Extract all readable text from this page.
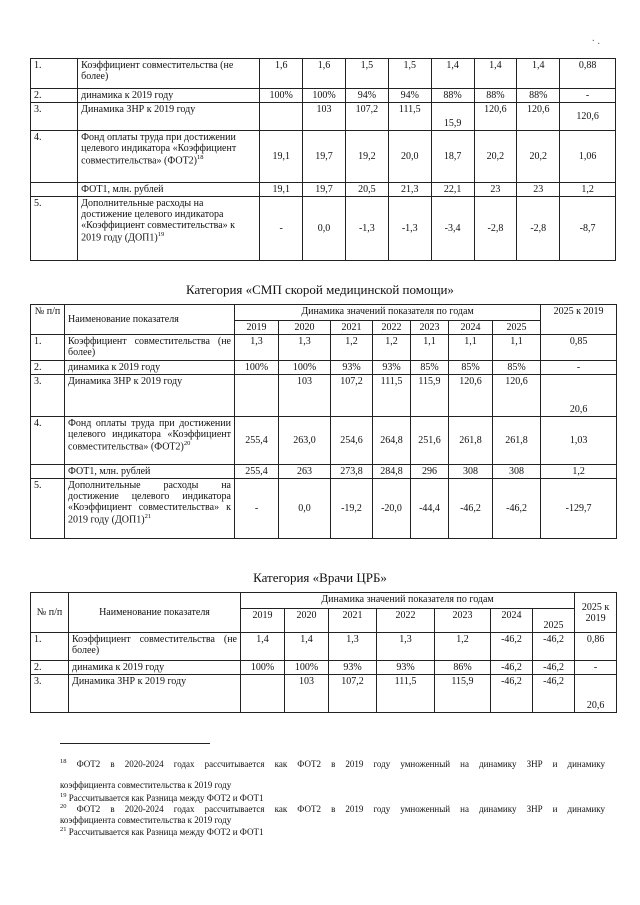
· .
1.	Коэффициент совместительства (не более)	1,6	1,6	1,5	1,5	1,4	1,4	1,4	0,88
2.	динамика к 2019 году	100%	100%	94%	94%	88%	88%	88%	-
3.	Динамика ЗНР к 2019 году		103	107,2	111,5	15,9	120,6	120,6	120,6
4.	Фонд оплаты труда при достижении целевого индикатора «Коэффициент совместительства» $(ФОТ2)^{18}$	19,1	19,7	19,2	20,0	18,7	20,2	20,2	1,06
	ФОТ1, млн. рублей	19,1	19,7	20,5	21,3	22,1	23	23	1,2
5.	Дополнительные расходы на достижение целевого индикатора «Коэффициент совместительства» к 2019 году $(ДОП1)^{19}$	-	0,0	-1,3	-1,3	-3,4	-2,8	-2,8	-8,7
Категория «СМП скорой медицинской помощи»
№ п/п	Наименование показателя	Динамика значений показателя по годам							2025 к 2019
		2019	2020	2021	2022	2023	2024	2025	
1.	Коэффициент совместительства (не более)	1,3	1,3	1,2	1,2	1,1	1,1	1,1	0,85
2.	динамика к 2019 году	100%	100%	93%	93%	85%	85%	85%	-
3.	Динамика ЗНР к 2019 году		103	107,2	111,5	115,9	120,6	120,6	20,6
4.	Фонд оплаты труда при достижении целевого индикатора «Коэффициент совместительства» $(ФОТ2)^{20}$	255,4	263,0	254,6	264,8	251,6	261,8	261,8	1,03
	ФОТ1, млн. рублей	255,4	263	273,8	284,8	296	308	308	1,2
5.	Дополнительные расходы на достижение целевого индикатора «Коэффициент совместительства» к 2019 году $(ДОП1)^{21}$	-	0,0	-19,2	-20,0	-44,4	-46,2	-46,2	-129,7
Категория «Врачи ЦРБ»
№ п/п	Наименование показателя	Динамика значений показателя по годам							2025 к 2019
		2019	2020	2021	2022	2023	2024	2025	
1.	Коэффициент совместительства (не более)	1,4	1,4	1,3	1,3	1,2	-46,2	-46,2	0,86
2.	динамика к 2019 году	100%	100%	93%	93%	86%	-46,2	-46,2	-
3.	Динамика ЗНР к 2019 году		103	107,2	111,5	115,9	-46,2	-46,2	20,6
$^{18}$ ФОТ2 в 2020-2024 годах рассчитывается как ФОТ2 в 2019 году умноженный на динамику ЗНР и динамику
коэффициента совместительства к 2019 году
$^{19}$ Рассчитывается как Разница между ФОТ2 и ФОТ1
$^{20}$ ФОТ2 в 2020-2024 годах рассчитывается как ФОТ2 в 2019 году умноженный на динамику ЗНР и динамику
коэффициента совместительства к 2019 году
$^{21}$ Рассчитывается как Разница между ФОТ2 и ФОТ1
